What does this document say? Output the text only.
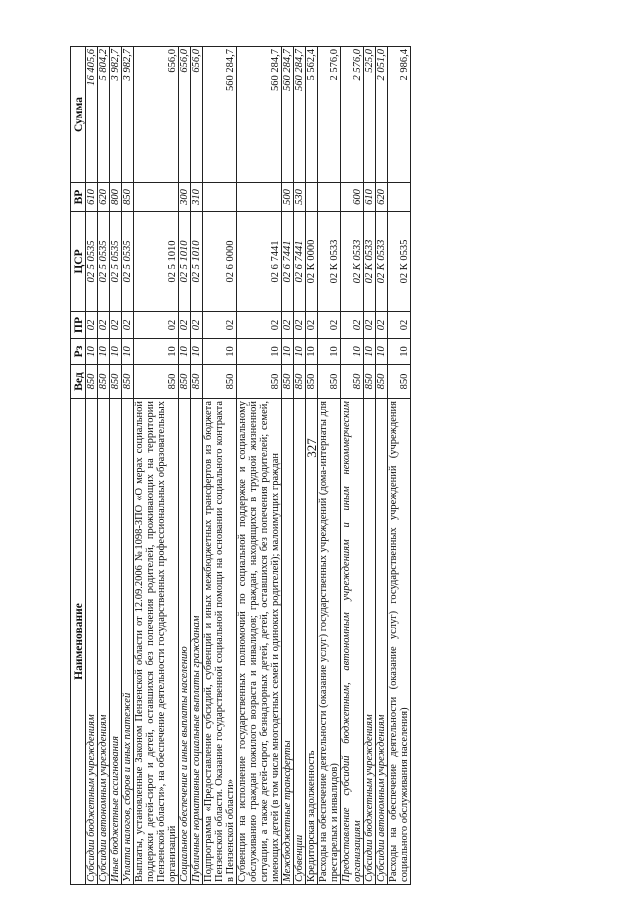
327
Наименование	Вед	Рз	ПР	ЦСР	ВР	Сумма
Субсидии бюджетным учреждениям	850	10	02	02 5 0535	610	16 405,6
Субсидии автономным учреждениям	850	10	02	02 5 0535	620	5 804,2
Иные бюджетные ассигнования	850	10	02	02 5 0535	800	3 982,7
Уплата налогов, сборов и иных платежей	850	10	02	02 5 0535	850	3 982,7
Выплаты, установленные Законом Пензенской области от 12.09.2006 №1098-ЗПО «О мерах социальной поддержки детей-сирот и детей, оставшихся без попечения родителей, проживающих на территории Пензенской области», на обеспечение деятельности государственных профессиональных образовательных организаций	850	10	02	02 5 1010		656,0
Социальное обеспечение и иные выплаты населению	850	10	02	02 5 1010	300	656,0
Публичные нормативные социальные выплаты гражданам	850	10	02	02 5 1010	310	656,0
Подпрограмма «Предоставление субсидий, субвенций и иных межбюджетных трансфертов из бюджета Пензенской области. Оказание государственной социальной помощи на основании социального контракта в Пензенской области»	850	10	02	02 6 0000		560 284,7
Субвенции на исполнение государственных полномочий по социальной поддержке и социальному обслуживанию граждан пожилого возраста и инвалидов; граждан, находящихся в трудной жизненной ситуации, а также детей-сирот, безнадзорных детей, детей, оставшихся без попечения родителей; семей, имеющих детей (в том числе многодетных семей и одиноких родителей); малоимущих граждан	850	10	02	02 6 7441		560 284,7
Межбюджетные трансферты	850	10	02	02 6 7441	500	560 284,7
Субвенции	850	10	02	02 6 7441	530	560 284,7
Кредиторская задолженность	850	10	02	02 К 0000		5 562,4
Расходы на обеспечение деятельности (оказание услуг) государственных учреждений (дома-интернаты для престарелых и инвалидов)	850	10	02	02 К 0533		2 576,0
Предоставление субсидий бюджетным, автономным учреждениям и иным некоммерческим организациям	850	10	02	02 К 0533	600	2 576,0
Субсидии бюджетным учреждениям	850	10	02	02 К 0533	610	525,0
Субсидии автономным учреждениям	850	10	02	02 К 0533	620	2 051,0
Расходы на обеспечение деятельности (оказание услуг) государственных учреждений (учреждения социального обслуживания населения)	850	10	02	02 К 0535		2 986,4
